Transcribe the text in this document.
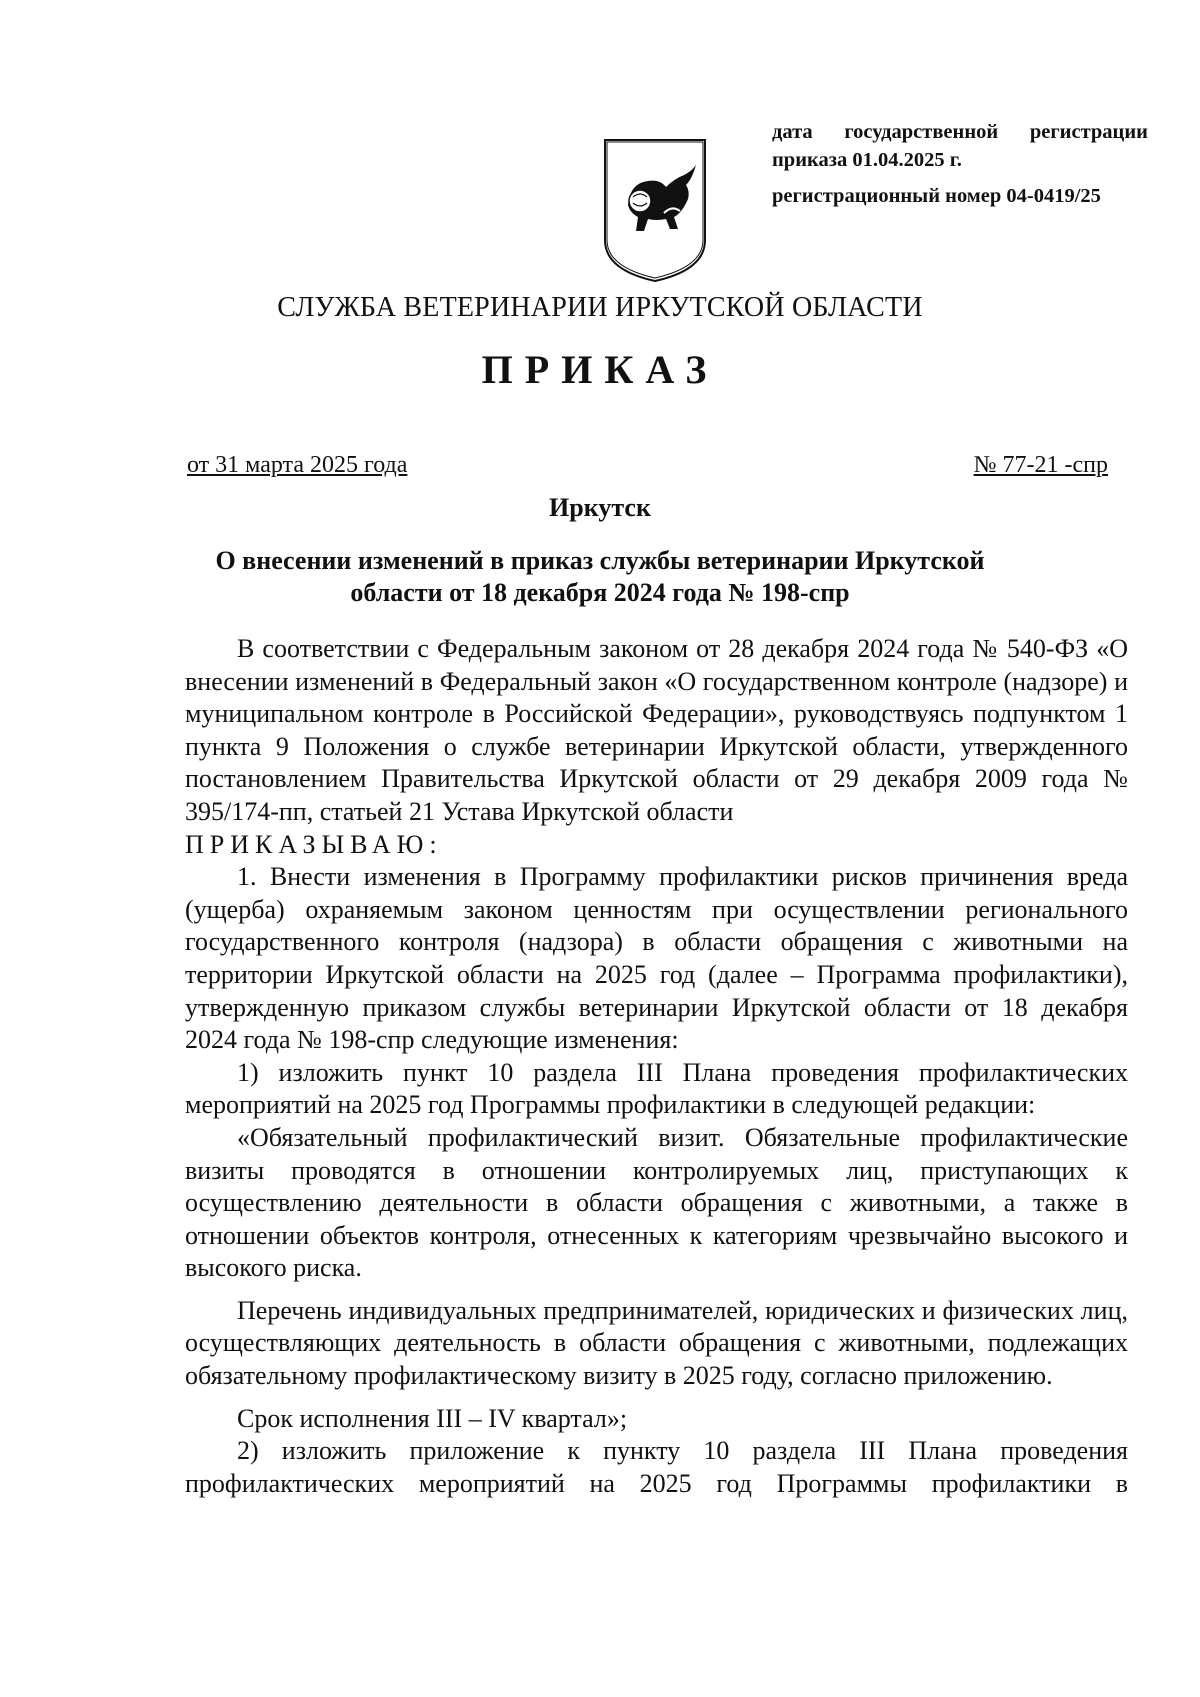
дата государственной регистрации
приказа 01.04.2025 г.
регистрационный номер 04-0419/25
СЛУЖБА ВЕТЕРИНАРИИ ИРКУТСКОЙ ОБЛАСТИ
ПРИКАЗ
от 31 марта 2025 года	№ 77-21 -спр
Иркутск
О внесении изменений в приказ службы ветеринарии Иркутской
области от 18 декабря 2024 года № 198-спр

В соответствии с Федеральным законом от 28 декабря 2024 года № 540-ФЗ «О внесении изменений в Федеральный закон «О государственном контроле (надзоре) и муниципальном контроле в Российской Федерации», руководствуясь подпунктом 1 пункта 9 Положения о службе ветеринарии Иркутской области, утвержденного постановлением Правительства Иркутской области от 29 декабря 2009 года № 395/174-пп, статьей 21 Устава Иркутской области

ПРИКАЗЫВАЮ:

1. Внести изменения в Программу профилактики рисков причинения вреда (ущерба) охраняемым законом ценностям при осуществлении регионального государственного контроля (надзора) в области обращения с животными на территории Иркутской области на 2025 год (далее – Программа профилактики), утвержденную приказом службы ветеринарии Иркутской области от 18 декабря 2024 года № 198-спр следующие изменения:

1) изложить пункт 10 раздела III Плана проведения профилактических мероприятий на 2025 год Программы профилактики в следующей редакции:

«Обязательный профилактический визит. Обязательные профилактические визиты проводятся в отношении контролируемых лиц, приступающих к осуществлению деятельности в области обращения с животными, а также в отношении объектов контроля, отнесенных к категориям чрезвычайно высокого и высокого риска.

Перечень индивидуальных предпринимателей, юридических и физических лиц, осуществляющих деятельность в области обращения с животными, подлежащих обязательному профилактическому визиту в 2025 году, согласно приложению.

Срок исполнения III – IV квартал»;

2) изложить приложение к пункту 10 раздела III Плана проведения профилактических мероприятий на 2025 год Программы профилактики в
